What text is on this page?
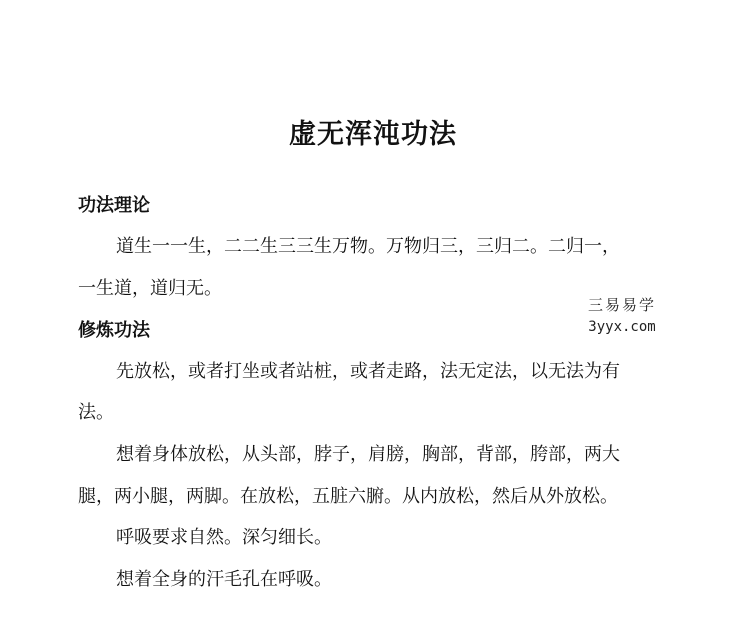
虚无浑沌功法
功法理论
道生一一生，二二生三三生万物。万物归三，三归二。二归一，
一生道，道归无。
修炼功法
先放松，或者打坐或者站桩，或者走路，法无定法，以无法为有
法。
想着身体放松，从头部，脖子，肩膀，胸部，背部，胯部，两大
腿，两小腿，两脚。在放松，五脏六腑。从内放松，然后从外放松。
呼吸要求自然。深匀细长。
想着全身的汗毛孔在呼吸。
三易易学
3yyx.com
